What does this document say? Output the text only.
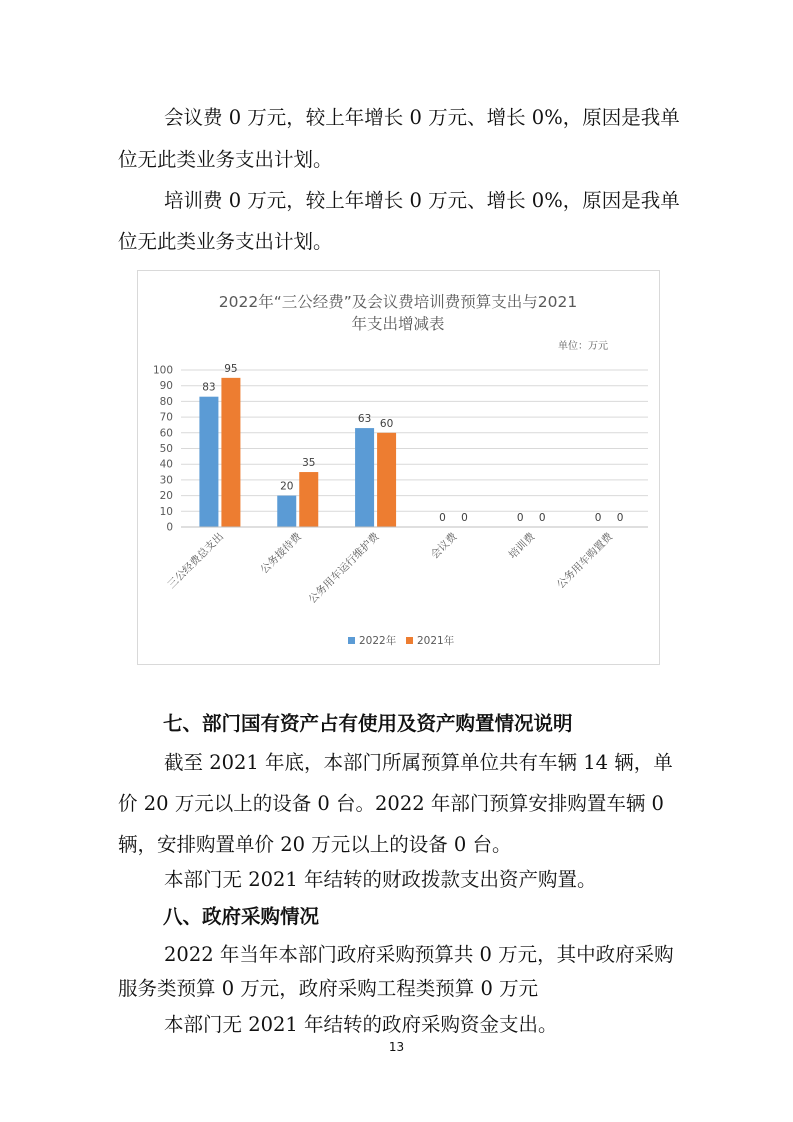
会议费 0 万元，较上年增长 0 万元、增长 0%，原因是我单

位无此类业务支出计划。

培训费 0 万元，较上年增长 0 万元、增长 0%，原因是我单

位无此类业务支出计划。

2022年“三公经费”及会议费培训费预算支出与2021
年支出增减表
单位：万元
0
10
20
30
40
50
60
70
80
90
100
83
95
三公经费总支出
20
35
公务接待费
63 60
公务用车运行维护费
0 0
会议费
0 0
培训费
0 0
公务用车购置费
2022年 2021年
七、部门国有资产占有使用及资产购置情况说明

截至 2021 年底，本部门所属预算单位共有车辆 14 辆，单

价 20 万元以上的设备 0 台。2022 年部门预算安排购置车辆 0

辆，安排购置单价 20 万元以上的设备 0 台。

本部门无 2021 年结转的财政拨款支出资产购置。

八、政府采购情况

2022 年当年本部门政府采购预算共 0 万元，其中政府采购

服务类预算 0 万元，政府采购工程类预算 0 万元

本部门无 2021 年结转的政府采购资金支出。

13
